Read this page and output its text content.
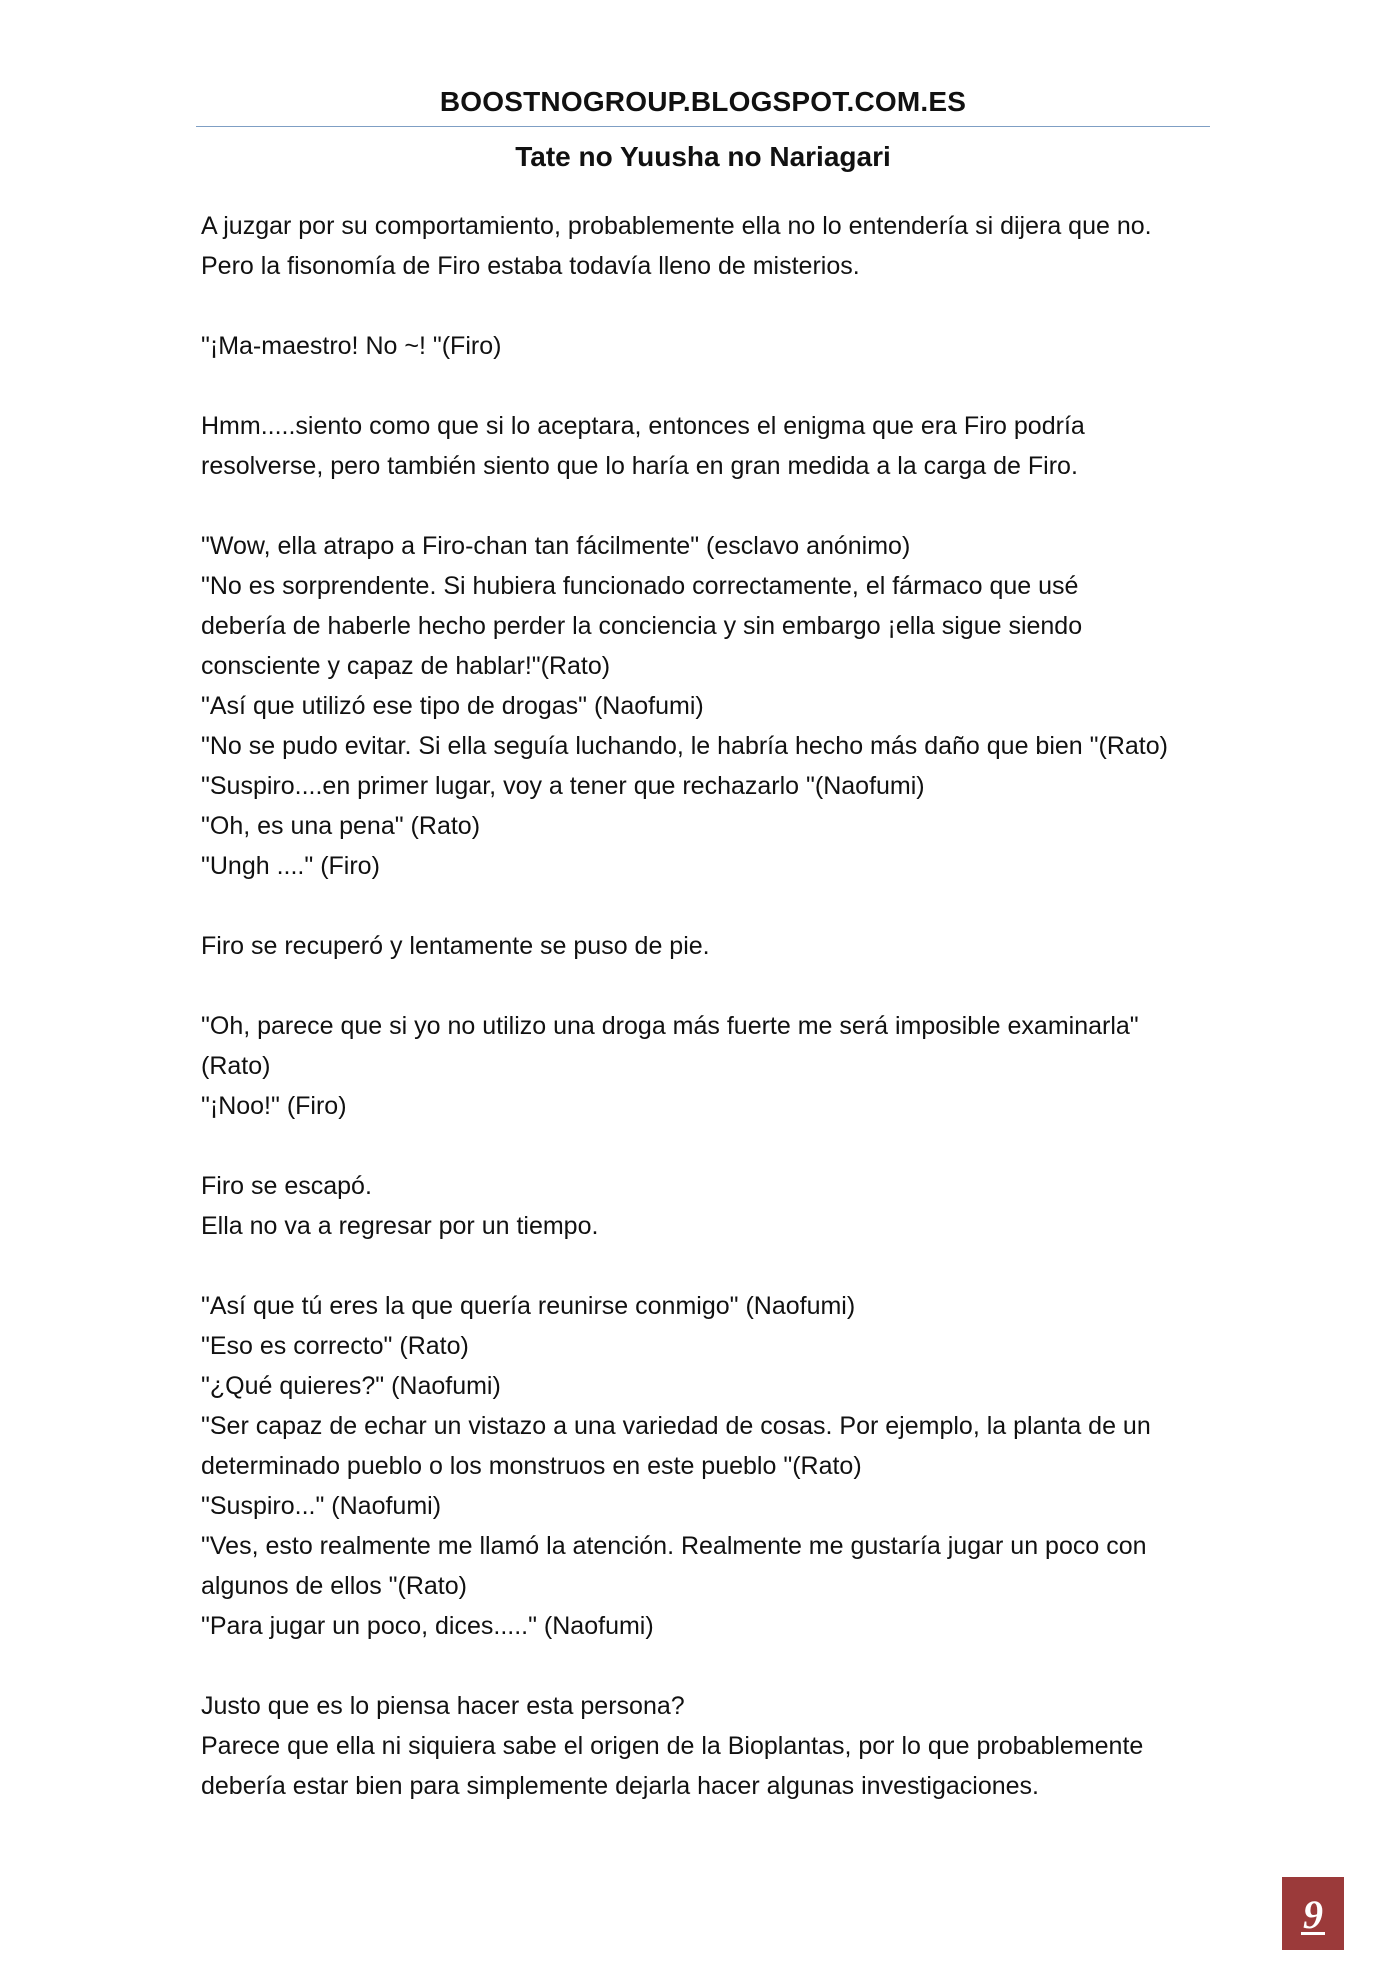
BOOSTNOGROUP.BLOGSPOT.COM.ES
Tate no Yuusha no Nariagari
A juzgar por su comportamiento, probablemente ella no lo entendería si dijera que no.
Pero la fisonomía de Firo estaba todavía lleno de misterios.
"¡Ma-maestro! No ~! "(Firo)
Hmm.....siento como que si lo aceptara, entonces el enigma que era Firo podría
resolverse, pero también siento que lo haría en gran medida a la carga de Firo.
"Wow, ella atrapo a Firo-chan tan fácilmente" (esclavo anónimo)
"No es sorprendente. Si hubiera funcionado correctamente, el fármaco que usé
debería de haberle hecho perder la conciencia y sin embargo ¡ella sigue siendo
consciente y capaz de hablar!"(Rato)
"Así que utilizó ese tipo de drogas" (Naofumi)
"No se pudo evitar. Si ella seguía luchando, le habría hecho más daño que bien "(Rato)
"Suspiro....en primer lugar, voy a tener que rechazarlo "(Naofumi)
"Oh, es una pena" (Rato)
"Ungh ...." (Firo)
Firo se recuperó y lentamente se puso de pie.
"Oh, parece que si yo no utilizo una droga más fuerte me será imposible examinarla"
(Rato)
"¡Noo!" (Firo)
Firo se escapó.
Ella no va a regresar por un tiempo.
"Así que tú eres la que quería reunirse conmigo" (Naofumi)
"Eso es correcto" (Rato)
"¿Qué quieres?" (Naofumi)
"Ser capaz de echar un vistazo a una variedad de cosas. Por ejemplo, la planta de un
determinado pueblo o los monstruos en este pueblo "(Rato)
"Suspiro..." (Naofumi)
"Ves, esto realmente me llamó la atención. Realmente me gustaría jugar un poco con
algunos de ellos "(Rato)
"Para jugar un poco, dices....." (Naofumi)
Justo que es lo piensa hacer esta persona?
Parece que ella ni siquiera sabe el origen de la Bioplantas, por lo que probablemente
debería estar bien para simplemente dejarla hacer algunas investigaciones.
9
